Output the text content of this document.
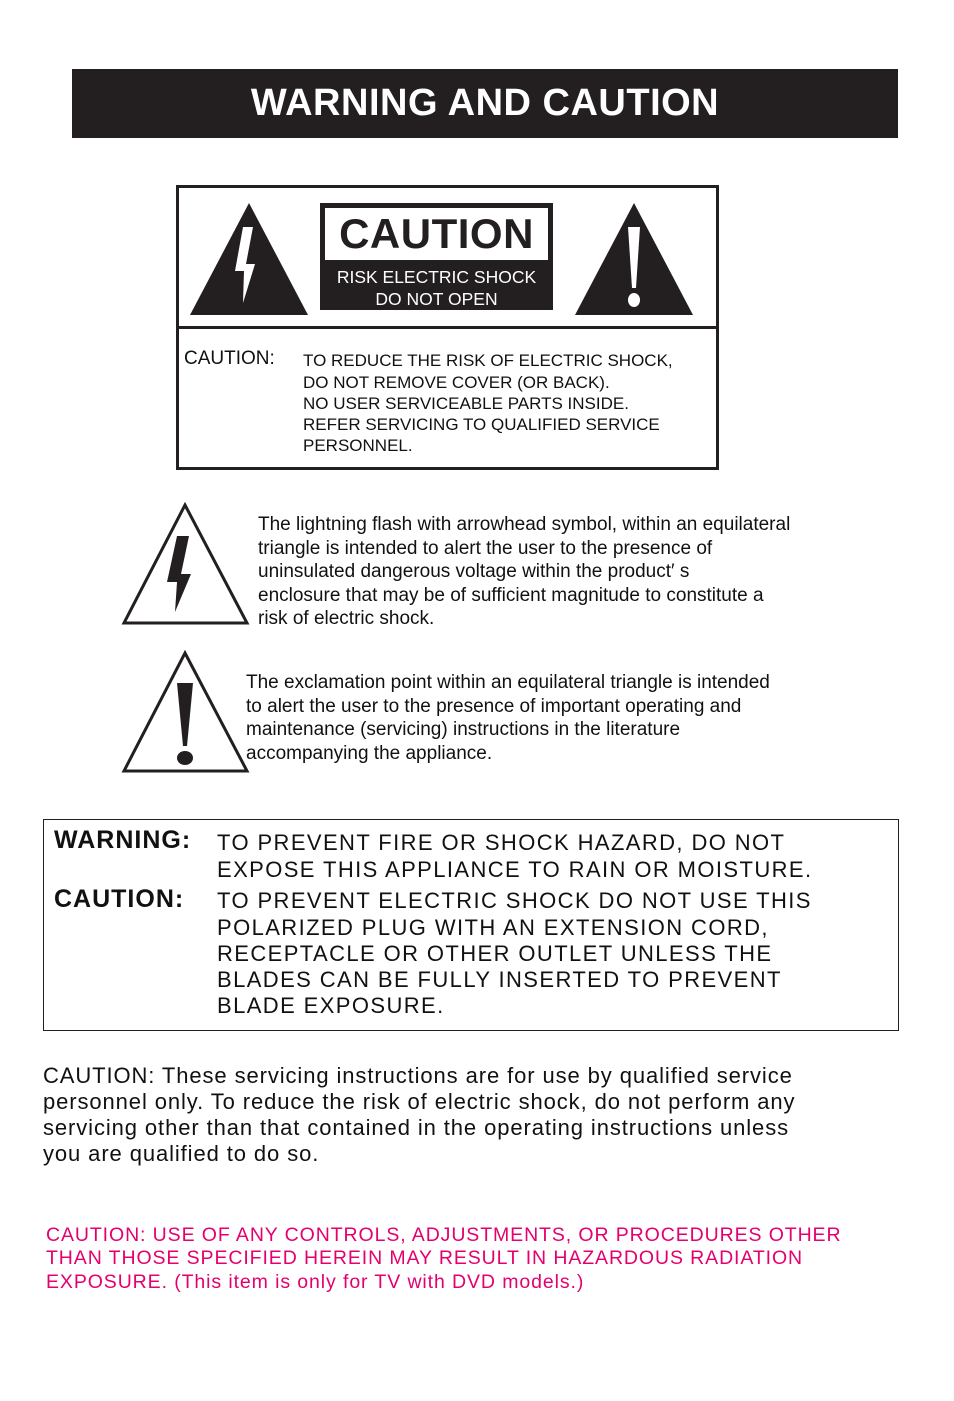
WARNING AND CAUTION
CAUTION
RISK ELECTRIC SHOCK
DO NOT OPEN
CAUTION: TO REDUCE THE RISK OF ELECTRIC SHOCK,
DO NOT REMOVE COVER (OR BACK).
NO USER SERVICEABLE PARTS INSIDE.
REFER SERVICING TO QUALIFIED SERVICE
PERSONNEL.
The lightning flash with arrowhead symbol, within an equilateral
triangle is intended to alert the user to the presence of
uninsulated dangerous voltage within the product′ s
enclosure that may be of sufficient magnitude to constitute a
risk of electric shock.
The exclamation point within an equilateral triangle is intended
to alert the user to the presence of important operating and
maintenance (servicing) instructions in the literature
accompanying the appliance.
WARNING: TO PREVENT FIRE OR SHOCK HAZARD, DO NOT
EXPOSE THIS APPLIANCE TO RAIN OR MOISTURE.
CAUTION: TO PREVENT ELECTRIC SHOCK DO NOT USE THIS
POLARIZED PLUG WITH AN EXTENSION CORD,
RECEPTACLE OR OTHER OUTLET UNLESS THE
BLADES CAN BE FULLY INSERTED TO PREVENT
BLADE EXPOSURE.
CAUTION: These servicing instructions are for use by qualified service
personnel only. To reduce the risk of electric shock, do not perform any
servicing other than that contained in the operating instructions unless
you are qualified to do so.
CAUTION: USE OF ANY CONTROLS, ADJUSTMENTS, OR PROCEDURES OTHER
THAN THOSE SPECIFIED HEREIN MAY RESULT IN HAZARDOUS RADIATION
EXPOSURE. (This item is only for TV with DVD models.)
